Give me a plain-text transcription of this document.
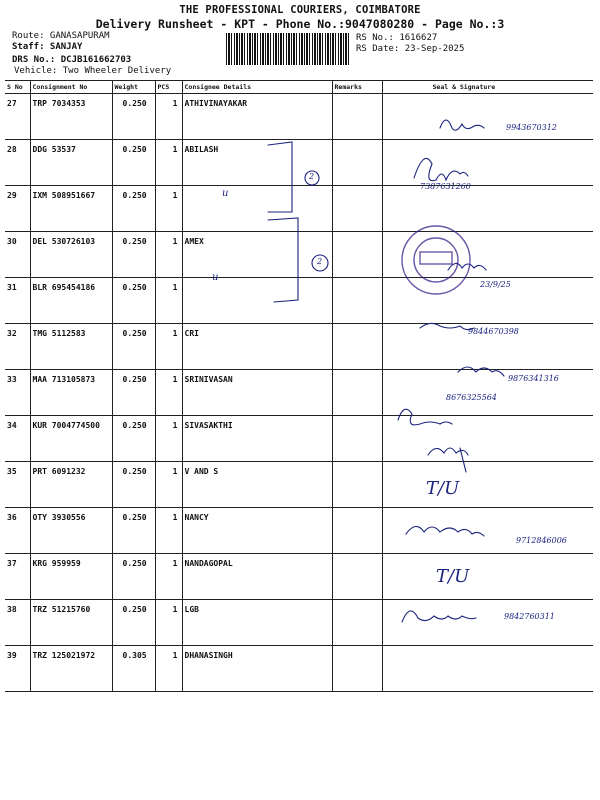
THE PROFESSIONAL COURIERS, COIMBATORE
Delivery Runsheet - KPT - Phone No.:9047080280 - Page No.:3
Route: GANASAPURAM
Staff: SANJAY
DRS No.: DCJB161662703
Vehicle: Two Wheeler Delivery
RS No.: 1616627
RS Date: 23-Sep-2025
S No	Consignment No	Weight	PCS	Consignee Details	Remarks	Seal & Signature
27	TRP 7034353	0.250	1	ATHIVINAYAKAR		
28	DDG 53537	0.250	1	ABILASH		
29	IXM 508951667	0.250	1			
30	DEL 530726103	0.250	1	AMEX		
31	BLR 695454186	0.250	1			
32	TMG 5112583	0.250	1	CRI		
33	MAA 713105873	0.250	1	SRINIVASAN		
34	KUR 7004774500	0.250	1	SIVASAKTHI		
35	PRT 6091232	0.250	1	V AND S		
36	OTY 3930556	0.250	1	NANCY		
37	KRG 959959	0.250	1	NANDAGOPAL		
38	TRZ 51215760	0.250	1	LGB		
39	TRZ 125021972	0.305	1	DHANASINGH		
9943670312
7387631260
23/9/25
9844670398
9876341316
8676325564
T/U
9712846006
T/U
9842760311
2
2
u
u
